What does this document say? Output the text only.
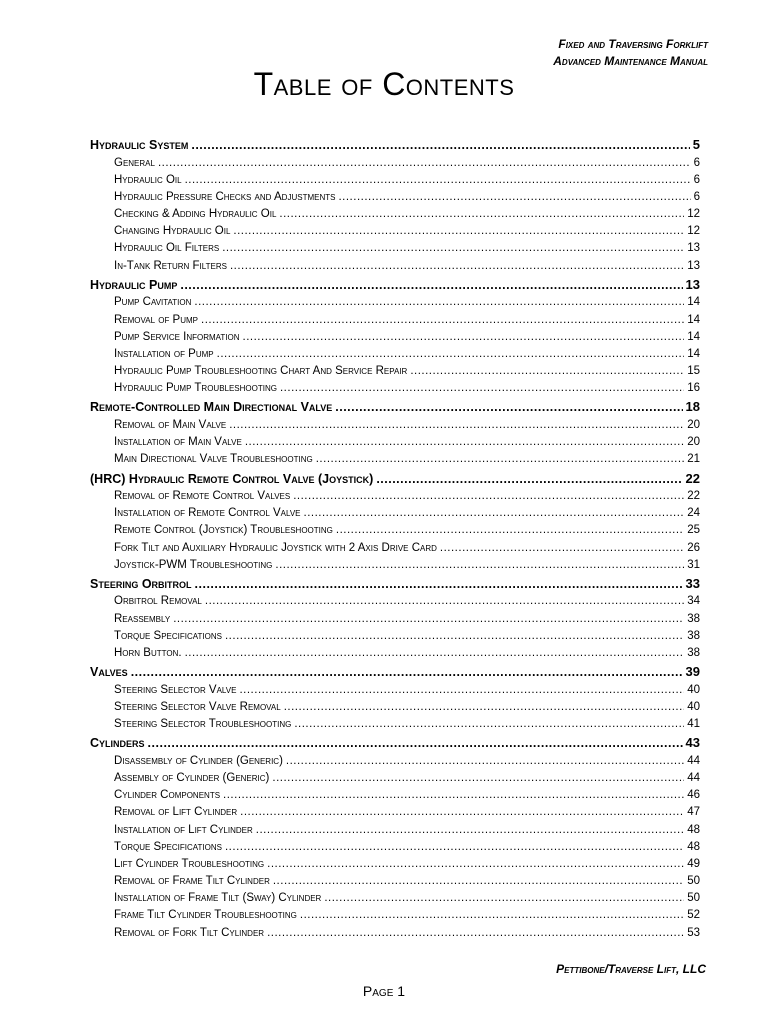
Fixed and Traversing Forklift
Advanced Maintenance Manual
Table of Contents
Hydraulic System .....	5
General .....	6
Hydraulic Oil .....	6
Hydraulic Pressure Checks and Adjustments .....	6
Checking & Adding Hydraulic Oil .....	12
Changing Hydraulic Oil .....	12
Hydraulic Oil Filters .....	13
In-Tank Return Filters .....	13
Hydraulic Pump .....	13
Pump Cavitation .....	14
Removal of Pump .....	14
Pump Service Information .....	14
Installation of Pump .....	14
Hydraulic Pump Troubleshooting Chart And Service Repair .....	15
Hydraulic Pump Troubleshooting .....	16
Remote-Controlled Main Directional Valve .....	18
Removal of Main Valve .....	20
Installation of Main Valve .....	20
Main Directional Valve Troubleshooting .....	21
(HRC) Hydraulic Remote Control Valve (Joystick) .....	22
Removal of Remote Control Valves .....	22
Installation of Remote Control Valve .....	24
Remote Control (Joystick) Troubleshooting .....	25
Fork Tilt and Auxiliary Hydraulic Joystick with 2 Axis Drive Card .....	26
Joystick-PWM Troubleshooting .....	31
Steering Orbitrol .....	33
Orbitrol Removal .....	34
Reassembly .....	38
Torque Specifications .....	38
Horn Button. .....	38
Valves .....	39
Steering Selector Valve .....	40
Steering Selector Valve Removal .....	40
Steering Selector Troubleshooting .....	41
Cylinders .....	43
Disassembly of Cylinder (Generic) .....	44
Assembly of Cylinder (Generic) .....	44
Cylinder Components .....	46
Removal of Lift Cylinder .....	47
Installation of Lift Cylinder .....	48
Torque Specifications .....	48
Lift Cylinder Troubleshooting .....	49
Removal of Frame Tilt Cylinder .....	50
Installation of Frame Tilt (Sway) Cylinder .....	50
Frame Tilt Cylinder Troubleshooting .....	52
Removal of Fork Tilt Cylinder .....	53
Pettibone/Traverse Lift, LLC
Page 1
